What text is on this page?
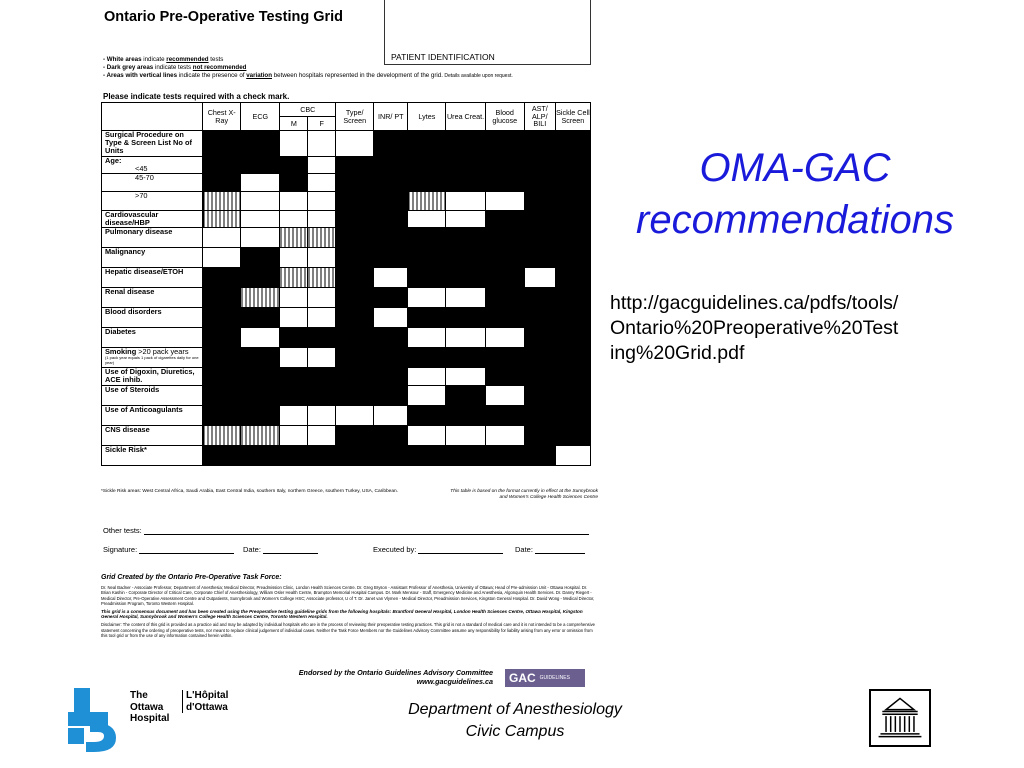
Ontario Pre-Operative Testing Grid
PATIENT IDENTIFICATION
- White areas indicate recommended tests
- Dark grey areas indicate tests not recommended
- Areas with vertical lines indicate the presence of variation between hospitals represented in the development of the grid. Details available upon request.
Please indicate tests required with a check mark.
	Chest X-Ray	ECG	CBC		Type/ Screen	INR/ PT	Lytes	Urea Creat.	Blood glucose	AST/ ALP/ BILI	Sickle Cell Screen
			M	F							
Surgical Procedure on Type & Screen List No of Units											
Age:
<45											

45-70											
>70											
Cardiovascular disease/HBP											
Pulmonary disease											
Malignancy											
Hepatic disease/ETOH											
Renal disease											
Blood disorders											
Diabetes											
Smoking >20 pack years
(1 pack year equals 1 pack of cigarettes daily for one year)											

Use of Digoxin, Diuretics, ACE inhib.											
Use of Steroids											
Use of Anticoagulants											
CNS disease											
Sickle Risk*											
*Sickle Risk areas: West Central Africa, Saudi Arabia, East Central India, southern Italy, northern Greece, southern Turkey, USA, Caribbean.	This table is based on the format currently in effect at the Sunnybrook and Women's College Health Sciences Centre
Other tests:
Signature:	Date:	Executed by:	Date:
Grid Created by the Ontario Pre-Operative Task Force:

Dr. Neal Badner - Associate Professor, Department of Anesthesia; Medical Director, Preadmission Clinic, London Health Sciences Centre. Dr. Greg Bryson - Assistant Professor of Anesthesia, University of Ottawa; Head of Pre-admission Unit - Ottawa Hospital. Dr. Brian Kashin - Corporate Director of Critical Care, Corporate Chief of Anesthesiology, William Osler Health Centre, Brampton Memorial Hospital Campus. Dr. Mark Mensour - Staff, Emergency Medicine and Anesthesia, Algonquin Health Services. Dr. Danny Riegert - Medical Director, Pre-Operative Assessment Centre and Outpatients, Sunnybrook and Women's College HSC; Associate professor, U of T. Dr. Janet van Vlymen - Medical Director, Preadmission Services, Kingston General Hospital. Dr. David Wong - Medical Director, Preadmission Program, Toronto Western Hospital.

This grid is a consensus document and has been created using the Preoperative testing guideline grids from the following hospitals: Brantford General Hospital, London Health Sciences Centre, Ottawa Hospital, Kingston General Hospital, Sunnybrook and Women's College Health Sciences Centre, Toronto Western Hospital.

Disclaimer: The content of this grid is provided as a practice aid and may be adapted by individual hospitals who are in the process of reviewing their preoperative testing practices. This grid is not a standard of medical care and it is not intended to be a comprehensive statement concerning the ordering of preoperative tests, nor meant to replace clinical judgement of individual cases. Neither the Task Force Members nor the Guidelines Advisory Committee assume any responsibility for liability arising from any error or omission from this tool grid or from the use of any information contained herein within.

Endorsed by the Ontario Guidelines Advisory Committee
www.gacguidelines.ca GAC GUIDELINES
OMA-GAC
recommendations
http://gacguidelines.ca/pdfs/tools/
Ontario%20Preoperative%20Test
ing%20Grid.pdf
Department of Anesthesiology
Civic Campus
The Ottawa Hospital
L'Hôpital d'Ottawa
